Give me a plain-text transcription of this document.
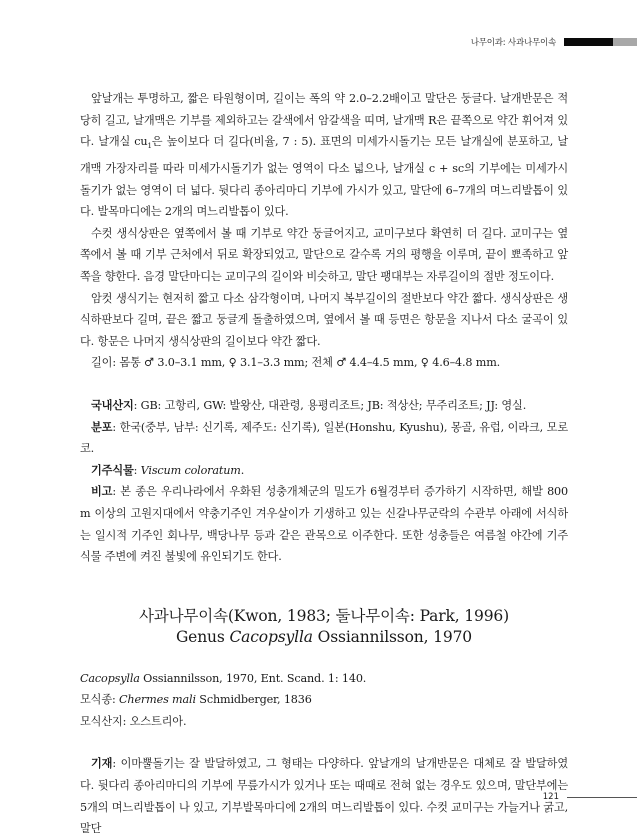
나무이과: 사과나무이속

앞날개는 투명하고, 짧은 타원형이며, 길이는 폭의 약 2.0–2.2배이고 말단은 둥글다. 날개반문은 적당히 길고, 날개맥은 기부를 제외하고는 갈색에서 암갈색을 띠며, 날개맥 R은 끝쪽으로 약간 휘어져 있다. 날개실 $cu_1$은 높이보다 더 길다(비율, 7 : 5). 표면의 미세가시돌기는 모든 날개실에 분포하고, 날개맥 가장자리를 따라 미세가시돌기가 없는 영역이 다소 넓으나, 날개실 c + sc의 기부에는 미세가시돌기가 없는 영역이 더 넓다. 뒷다리 종아리마디 기부에 가시가 있고, 말단에 6–7개의 며느리발톱이 있다. 발목마디에는 2개의 며느리발톱이 있다.

수컷 생식상판은 옆쪽에서 볼 때 기부로 약간 둥글어지고, 교미구보다 확연히 더 길다. 교미구는 옆쪽에서 볼 때 기부 근처에서 뒤로 확장되었고, 말단으로 갈수록 거의 평행을 이루며, 끝이 뾰족하고 앞쪽을 향한다. 음경 말단마디는 교미구의 길이와 비슷하고, 말단 팽대부는 자루길이의 절반 정도이다.

암컷 생식기는 현저히 짧고 다소 삼각형이며, 나머지 복부길이의 절반보다 약간 짧다. 생식상판은 생식하판보다 길며, 끝은 짧고 둥글게 돌출하였으며, 옆에서 볼 때 등면은 항문을 지나서 다소 굴곡이 있다. 항문은 나머지 생식상판의 길이보다 약간 짧다.

길이: 몸통 ♂ 3.0–3.1 mm, ♀ 3.1–3.3 mm; 전체 ♂ 4.4–4.5 mm, ♀ 4.6–4.8 mm.

국내산지: GB: 고항리, GW: 발왕산, 대관령, 용평리조트; JB: 적상산; 무주리조트; JJ: 영실.

분포: 한국(중부, 남부: 신기록, 제주도: 신기록), 일본(Honshu, Kyushu), 몽골, 유럽, 이라크, 모로코.

기주식물: Viscum coloratum.

비고: 본 종은 우리나라에서 우화된 성충개체군의 밀도가 6월경부터 증가하기 시작하면, 해발 800 m 이상의 고원지대에서 약충기주인 겨우살이가 기생하고 있는 신갈나무군락의 수관부 아래에 서식하는 일시적 기주인 회나무, 백당나무 등과 같은 관목으로 이주한다. 또한 성충들은 여름철 야간에 기주식물 주변에 켜진 불빛에 유인되기도 한다.

사과나무이속(Kwon, 1983; 둘나무이속: Park, 1996)

Genus Cacopsylla Ossiannilsson, 1970

Cacopsylla Ossiannilsson, 1970, Ent. Scand. 1: 140.

모식종: Chermes mali Schmidberger, 1836

모식산지: 오스트리아.

기재: 이마뿔돌기는 잘 발달하였고, 그 형태는 다양하다. 앞날개의 날개반문은 대체로 잘 발달하였다. 뒷다리 종아리마디의 기부에 무릎가시가 있거나 또는 때때로 전혀 없는 경우도 있으며, 말단부에는 5개의 며느리발톱이 나 있고, 기부발목마디에 2개의 며느리발톱이 있다. 수컷 교미구는 가늘거나 굵고, 말단

121
